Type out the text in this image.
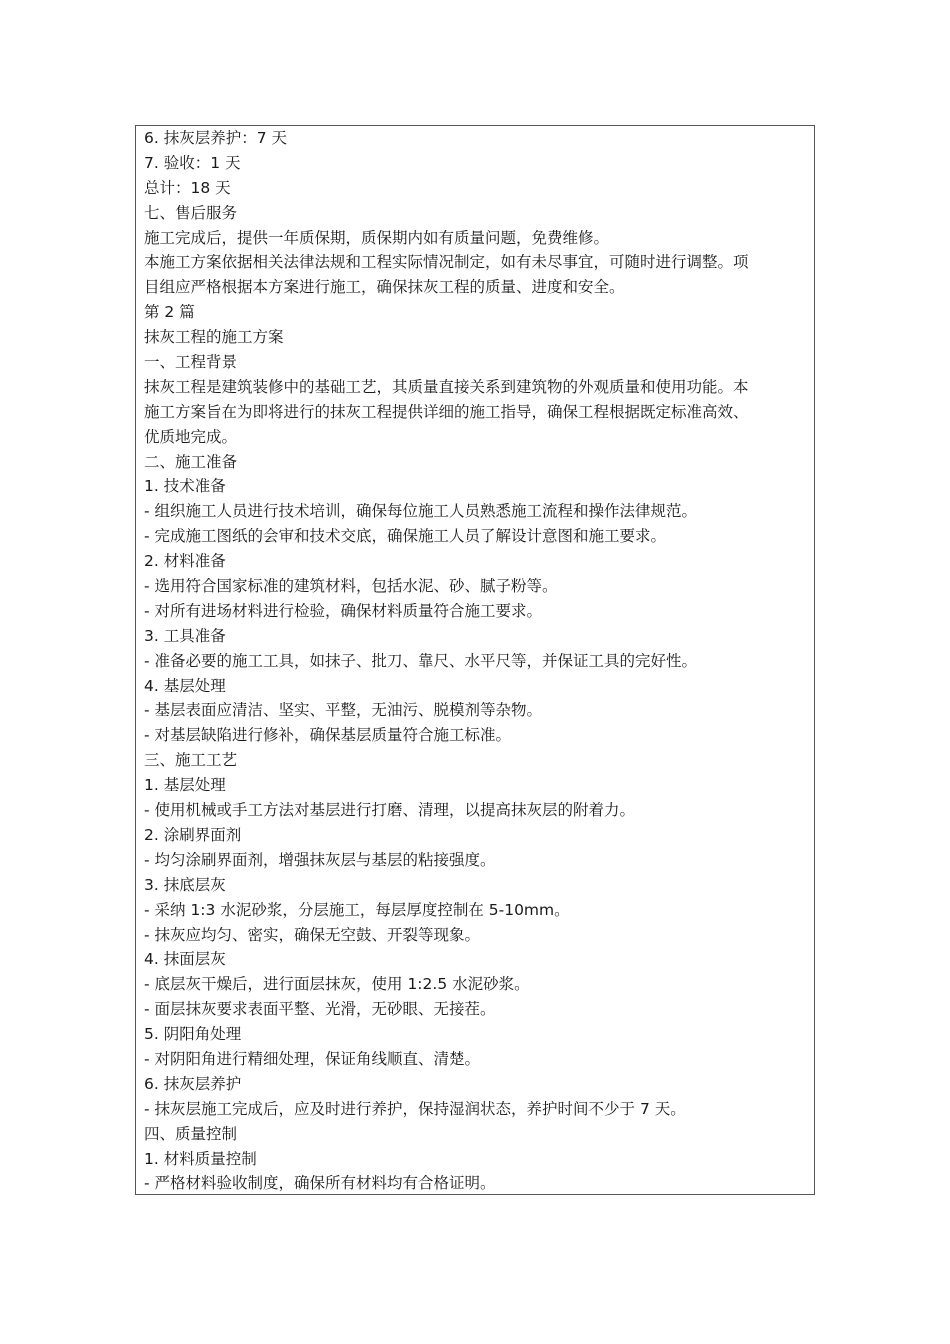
6. 抹灰层养护：7 天
7. 验收：1 天
总计：18 天
七、售后服务
施工完成后，提供一年质保期，质保期内如有质量问题，免费维修。
本施工方案依据相关法律法规和工程实际情况制定，如有未尽事宜，可随时进行调整。项
目组应严格根据本方案进行施工，确保抹灰工程的质量、进度和安全。
第 2 篇
抹灰工程的施工方案
一、工程背景
抹灰工程是建筑装修中的基础工艺，其质量直接关系到建筑物的外观质量和使用功能。本
施工方案旨在为即将进行的抹灰工程提供详细的施工指导，确保工程根据既定标准高效、
优质地完成。
二、施工准备
1. 技术准备
- 组织施工人员进行技术培训，确保每位施工人员熟悉施工流程和操作法律规范。
- 完成施工图纸的会审和技术交底，确保施工人员了解设计意图和施工要求。
2. 材料准备
- 选用符合国家标准的建筑材料，包括水泥、砂、腻子粉等。
- 对所有进场材料进行检验，确保材料质量符合施工要求。
3. 工具准备
- 准备必要的施工工具，如抹子、批刀、靠尺、水平尺等，并保证工具的完好性。
4. 基层处理
- 基层表面应清洁、坚实、平整，无油污、脱模剂等杂物。
- 对基层缺陷进行修补，确保基层质量符合施工标准。
三、施工工艺
1. 基层处理
- 使用机械或手工方法对基层进行打磨、清理，以提高抹灰层的附着力。
2. 涂刷界面剂
- 均匀涂刷界面剂，增强抹灰层与基层的粘接强度。
3. 抹底层灰
- 采纳 1:3 水泥砂浆，分层施工，每层厚度控制在 5-10mm。
- 抹灰应均匀、密实，确保无空鼓、开裂等现象。
4. 抹面层灰
- 底层灰干燥后，进行面层抹灰，使用 1:2.5 水泥砂浆。
- 面层抹灰要求表面平整、光滑，无砂眼、无接茬。
5. 阴阳角处理
- 对阴阳角进行精细处理，保证角线顺直、清楚。
6. 抹灰层养护
- 抹灰层施工完成后，应及时进行养护，保持湿润状态，养护时间不少于 7 天。
四、质量控制
1. 材料质量控制
- 严格材料验收制度，确保所有材料均有合格证明。
